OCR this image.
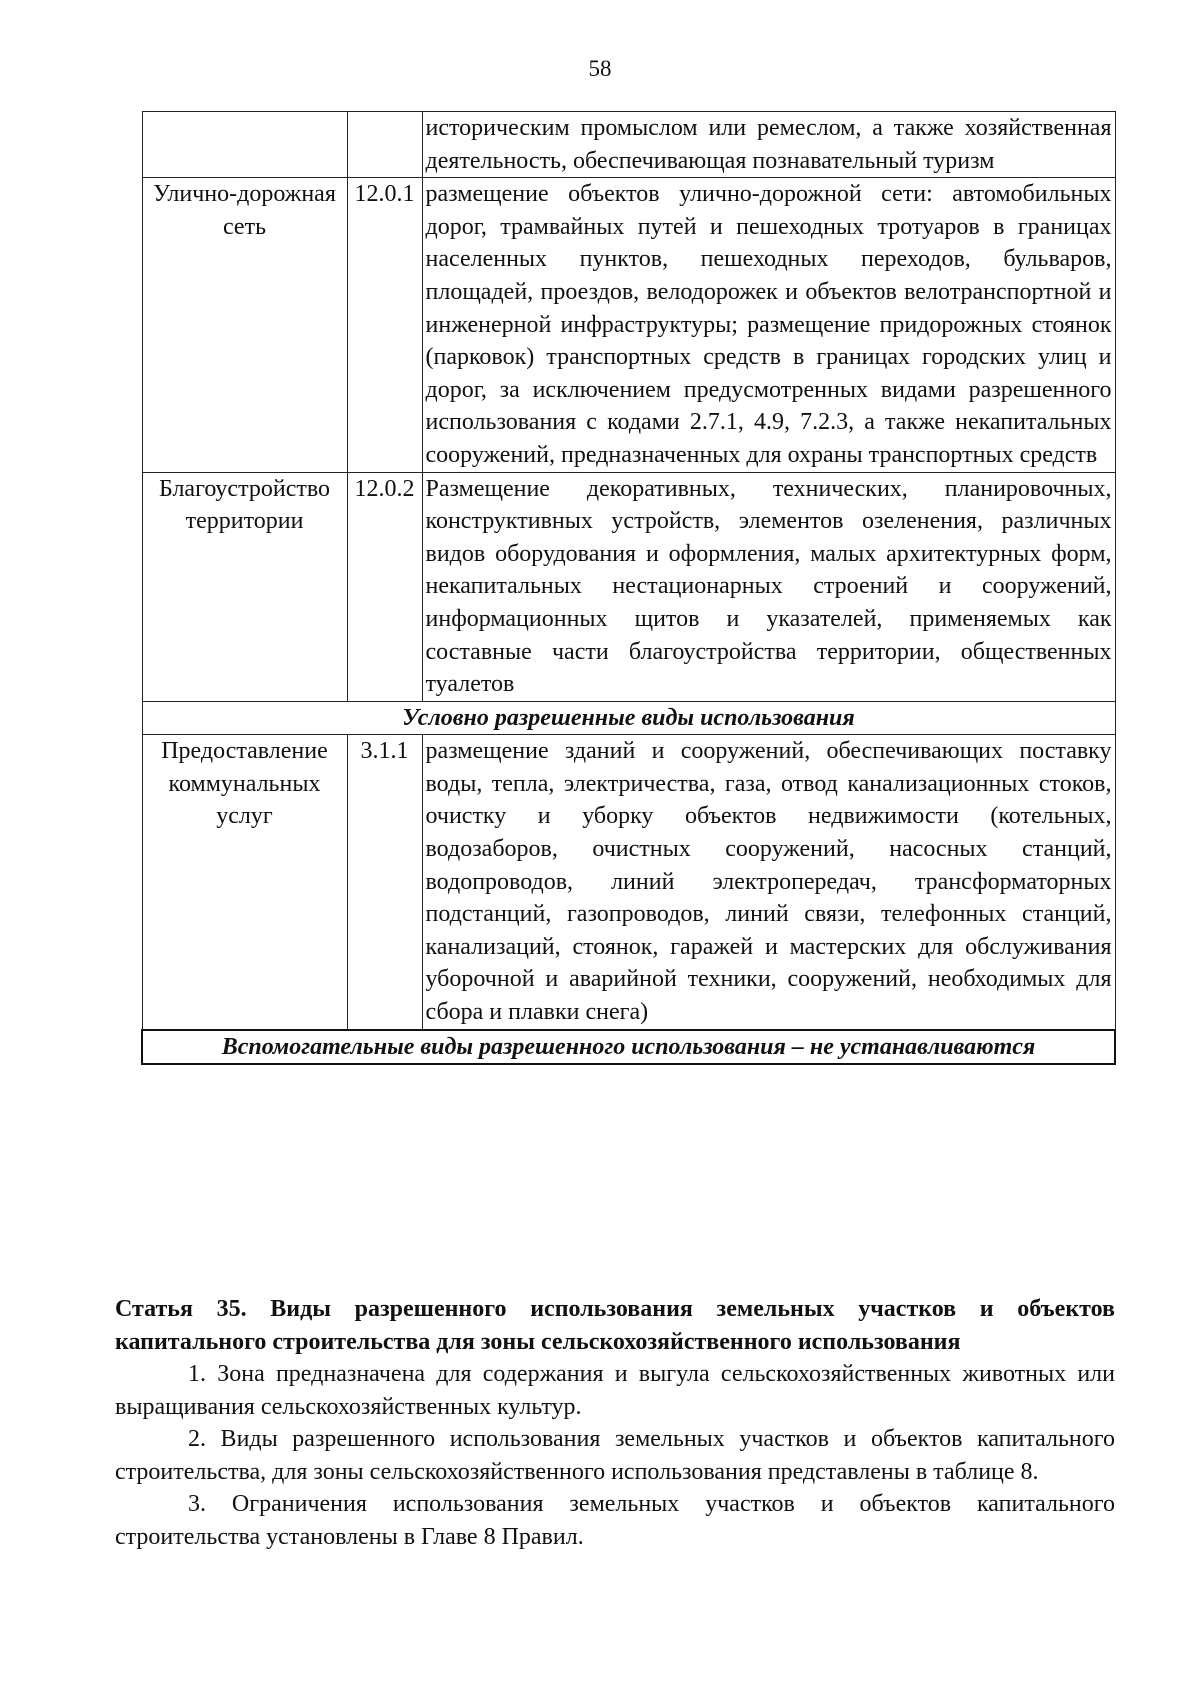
58
		историческим промыслом или ремеслом, а также хозяйственная деятельность, обеспечивающая познавательный туризм
Улично-дорожная сеть	12.0.1	размещение объектов улично-дорожной сети: автомобильных дорог, трамвайных путей и пешеходных тротуаров в границах населенных пунктов, пешеходных переходов, бульваров, площадей, проездов, велодорожек и объектов велотранспортной и инженерной инфраструктуры; размещение придорожных стоянок (парковок) транспортных средств в границах городских улиц и дорог, за исключением предусмотренных видами разрешенного использования с кодами 2.7.1, 4.9, 7.2.3, а также некапитальных сооружений, предназначенных для охраны транспортных средств
Благоустройство территории	12.0.2	Размещение декоративных, технических, планировочных, конструктивных устройств, элементов озеленения, различных видов оборудования и оформления, малых архитектурных форм, некапитальных нестационарных строений и сооружений, информационных щитов и указателей, применяемых как составные части благоустройства территории, общественных туалетов
Условно разрешенные виды использования		
Предоставление коммунальных услуг	3.1.1	размещение зданий и сооружений, обеспечивающих поставку воды, тепла, электричества, газа, отвод канализационных стоков, очистку и уборку объектов недвижимости (котельных, водозаборов, очистных сооружений, насосных станций, водопроводов, линий электропередач, трансформаторных подстанций, газопроводов, линий связи, телефонных станций, канализаций, стоянок, гаражей и мастерских для обслуживания уборочной и аварийной техники, сооружений, необходимых для сбора и плавки снега)
Вспомогательные виды разрешенного использования – не устанавливаются		
Статья 35. Виды разрешенного использования земельных участков и объектов капитального строительства для зоны сельскохозяйственного использования
1. Зона предназначена для содержания и выгула сельскохозяйственных животных или выращивания сельскохозяйственных культур.
2. Виды разрешенного использования земельных участков и объектов капитального строительства, для зоны сельскохозяйственного использования представлены в таблице 8.
3. Ограничения использования земельных участков и объектов капитального строительства установлены в Главе 8 Правил.
